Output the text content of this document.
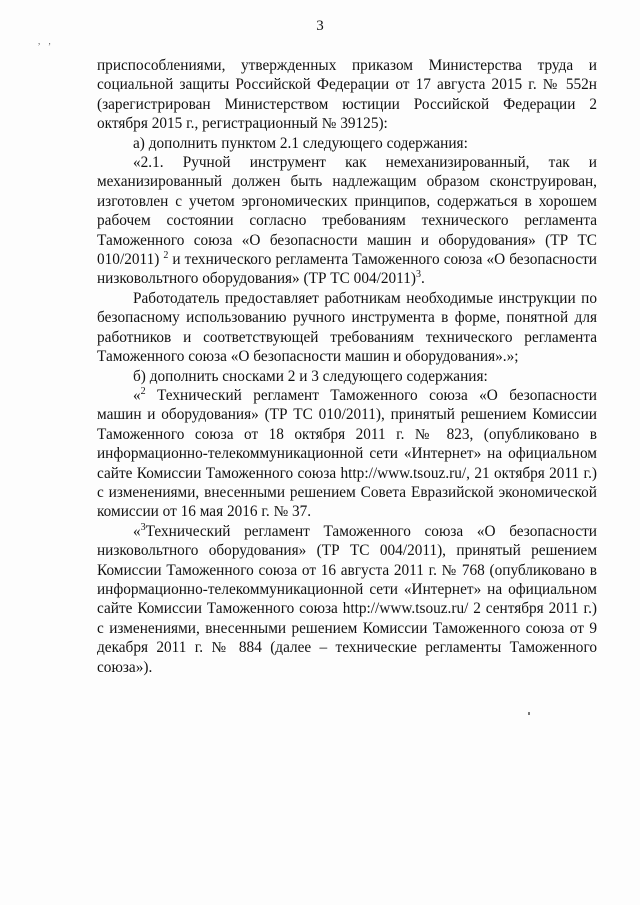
3
, ,

приспособлениями, утвержденных приказом Министерства труда и социальной защиты Российской Федерации от 17 августа 2015 г. № 552н (зарегистрирован Министерством юстиции Российской Федерации 2 октября 2015 г., регистрационный № 39125):

а) дополнить пунктом 2.1 следующего содержания:

«2.1. Ручной инструмент как немеханизированный, так и механизированный должен быть надлежащим образом сконструирован, изготовлен с учетом эргономических принципов, содержаться в хорошем рабочем состоянии согласно требованиям технического регламента Таможенного союза «О безопасности машин и оборудования» (ТР ТС 010/2011) $^2$ и технического регламента Таможенного союза «О безопасности низковольтного оборудования» (ТР ТС 004/2011)$^3$.

Работодатель предоставляет работникам необходимые инструкции по безопасному использованию ручного инструмента в форме, понятной для работников и соответствующей требованиям технического регламента Таможенного союза «О безопасности машин и оборудования».»;

б) дополнить сносками 2 и 3 следующего содержания:

«$^2$ Технический регламент Таможенного союза «О безопасности машин и оборудования» (ТР ТС 010/2011), принятый решением Комиссии Таможенного союза от 18 октября 2011 г. № 823, (опубликовано в информационно-телекоммуникационной сети «Интернет» на официальном сайте Комиссии Таможенного союза http://www.tsouz.ru/, 21 октября 2011 г.) с изменениями, внесенными решением Совета Евразийской экономической комиссии от 16 мая 2016 г. № 37.

«$^3$Технический регламент Таможенного союза «О безопасности низковольтного оборудования» (ТР ТС 004/2011), принятый решением Комиссии Таможенного союза от 16 августа 2011 г. № 768 (опубликовано в информационно-телекоммуникационной сети «Интернет» на официальном сайте Комиссии Таможенного союза http://www.tsouz.ru/ 2 сентября 2011 г.) с изменениями, внесенными решением Комиссии Таможенного союза от 9 декабря 2011 г. № 884 (далее – технические регламенты Таможенного союза»).
